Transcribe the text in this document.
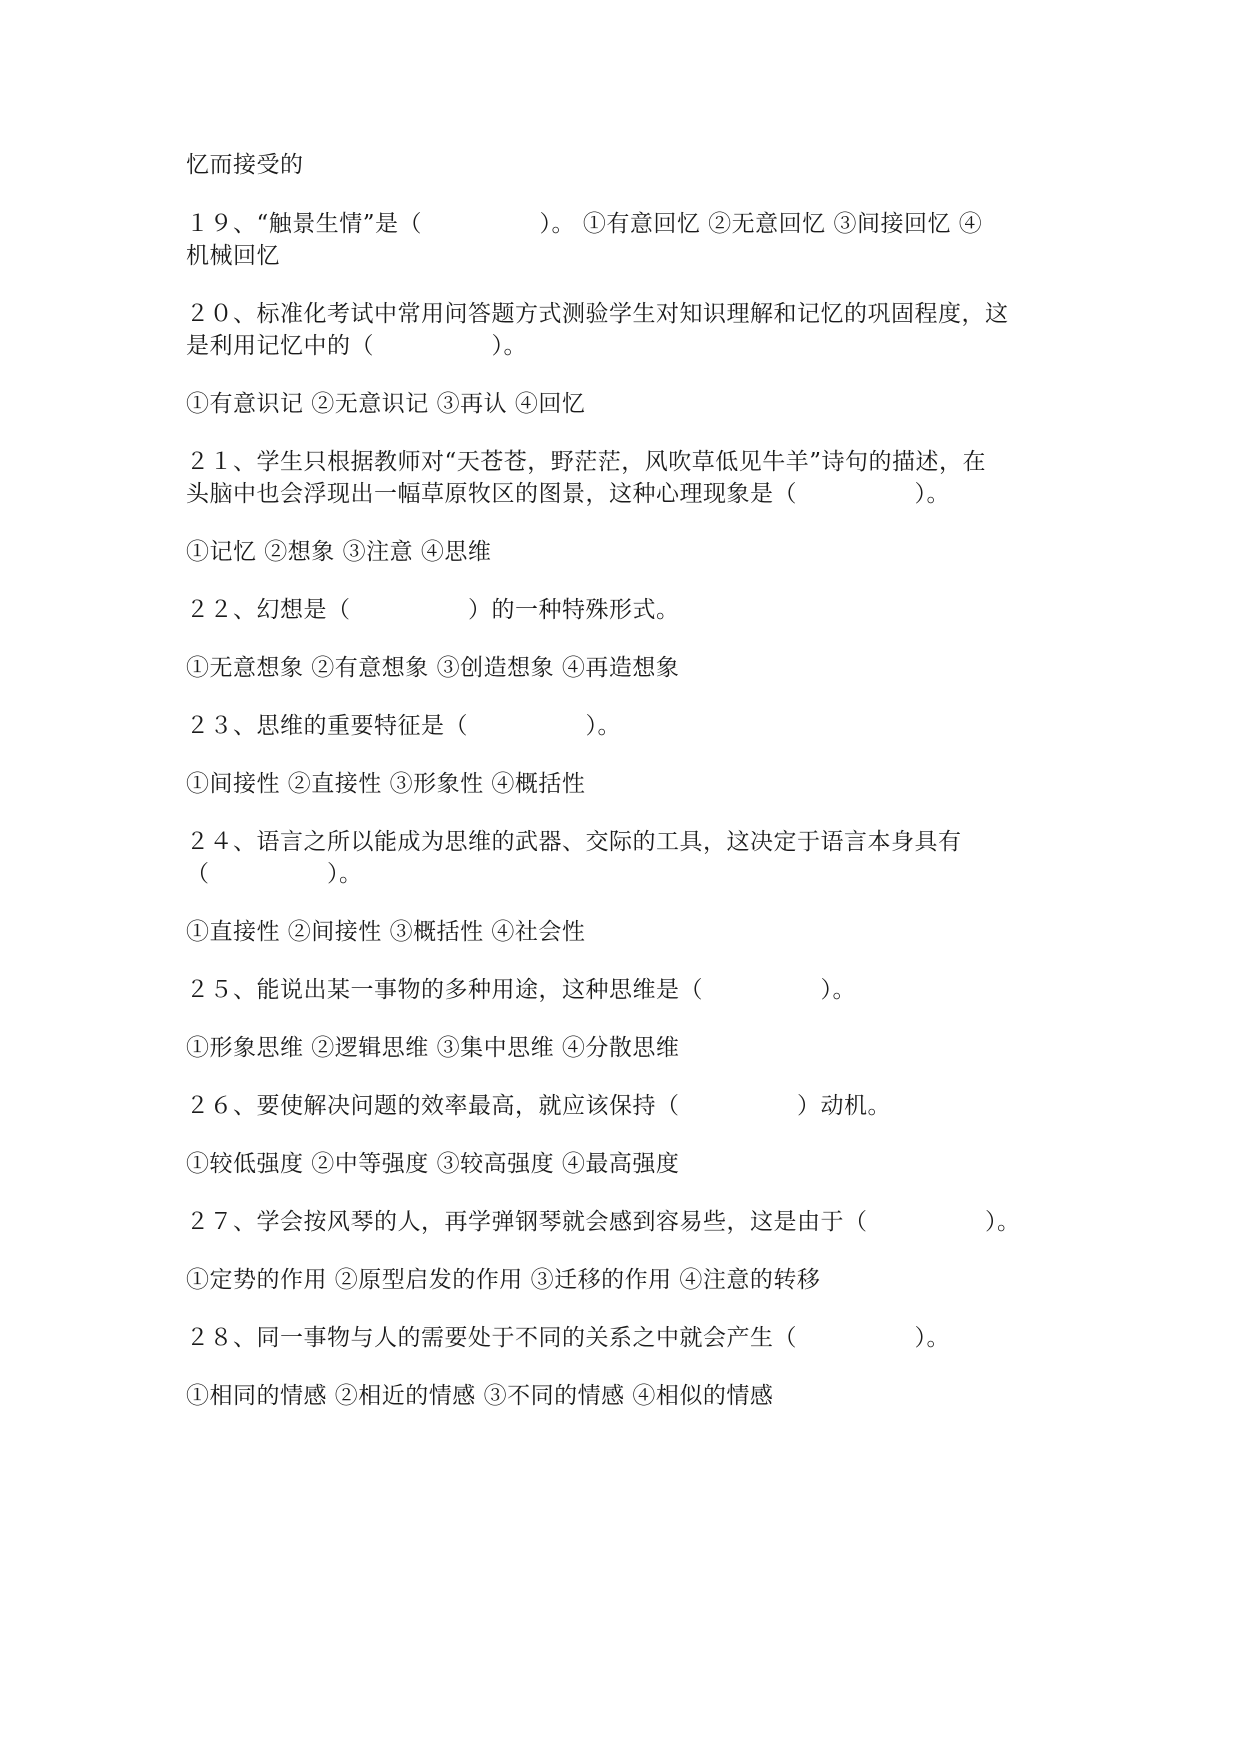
忆而接受的
１９、“触景生情”是（　　　　　）。 ①有意回忆 ②无意回忆 ③间接回忆 ④
机械回忆
２０、标准化考试中常用问答题方式测验学生对知识理解和记忆的巩固程度，这
是利用记忆中的（　　　　　）。
①有意识记 ②无意识记 ③再认 ④回忆
２１、学生只根据教师对“天苍苍，野茫茫，风吹草低见牛羊”诗句的描述，在
头脑中也会浮现出一幅草原牧区的图景，这种心理现象是（　　　　　）。
①记忆 ②想象 ③注意 ④思维
２２、幻想是（　　　　　）的一种特殊形式。
①无意想象 ②有意想象 ③创造想象 ④再造想象
２３、思维的重要特征是（　　　　　）。
①间接性 ②直接性 ③形象性 ④概括性
２４、语言之所以能成为思维的武器、交际的工具，这决定于语言本身具有
（　　　　　）。
①直接性 ②间接性 ③概括性 ④社会性
２５、能说出某一事物的多种用途，这种思维是（　　　　　）。
①形象思维 ②逻辑思维 ③集中思维 ④分散思维
２６、要使解决问题的效率最高，就应该保持（　　　　　）动机。
①较低强度 ②中等强度 ③较高强度 ④最高强度
２７、学会按风琴的人，再学弹钢琴就会感到容易些，这是由于（　　　　　）。
①定势的作用 ②原型启发的作用 ③迁移的作用 ④注意的转移
２８、同一事物与人的需要处于不同的关系之中就会产生（　　　　　）。
①相同的情感 ②相近的情感 ③不同的情感 ④相似的情感
